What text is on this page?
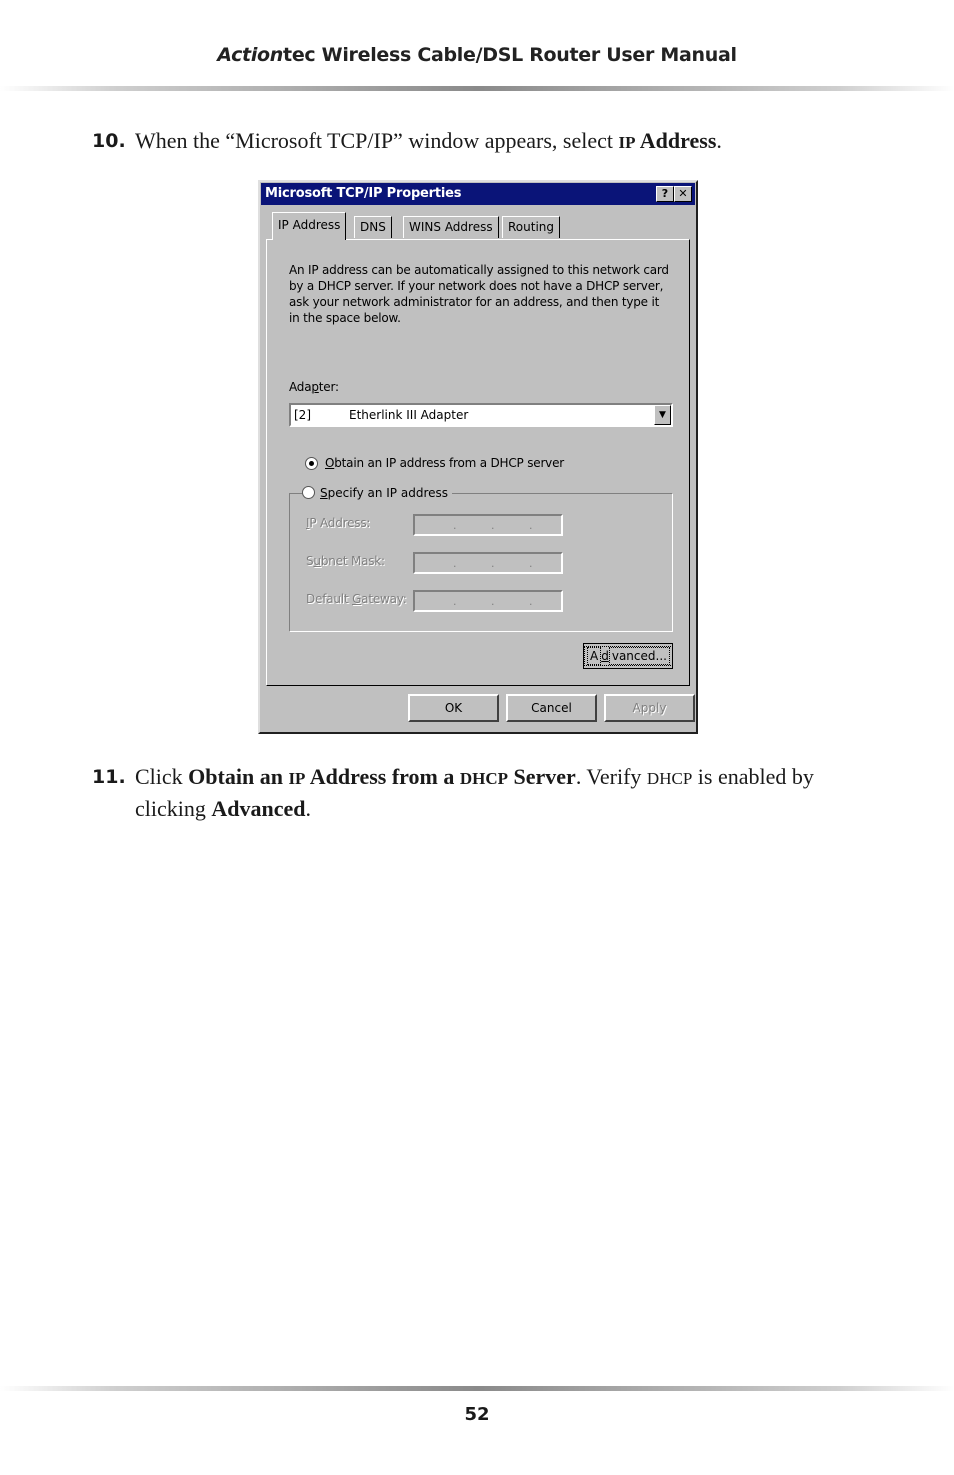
Actiontec Wireless Cable/DSL Router User Manual
10. When the “Microsoft TCP/IP” window appears, select IP Address.
Microsoft TCP/IP Properties	? ✕
IP Address	DNS	WINS Address	Routing
An IP address can be automatically assigned to this network card by a DHCP server. If your network does not have a DHCP server, ask your network administrator for an address, and then type it in the space below.
Adapter:
[2]	Etherlink III Adapter	▼
Obtain an IP address from a DHCP server
Specify an IP address
IP Address:	.	.	.
Subnet Mask:	.	.	.
Default Gateway:	.	.	.
A d vanced...
OK	Cancel	Apply
11. Click Obtain an IP Address from a DHCP Server. Verify DHCP is enabled by clicking Advanced.
52
